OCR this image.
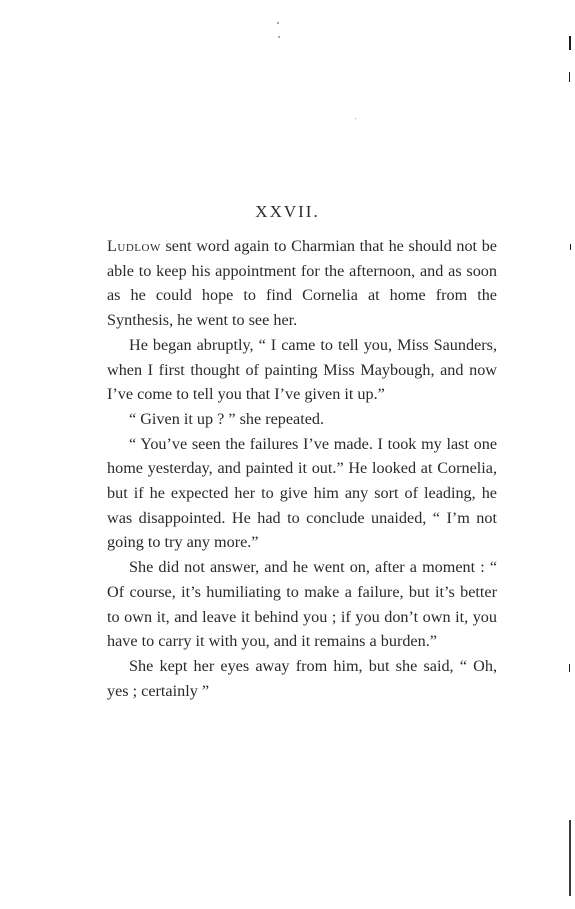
XXVII.

Ludlow sent word again to Charmian that he should not be able to keep his appointment for the afternoon, and as soon as he could hope to find Cornelia at home from the Synthesis, he went to see her.

He began abruptly, “ I came to tell you, Miss Saunders, when I first thought of painting Miss Maybough, and now I’ve come to tell you that I’ve given it up.”

“ Given it up ? ” she repeated.

“ You’ve seen the failures I’ve made. I took my last one home yesterday, and painted it out.” He looked at Cornelia, but if he expected her to give him any sort of leading, he was disappointed. He had to conclude unaided, “ I’m not going to try any more.”

She did not answer, and he went on, after a moment : “ Of course, it’s humiliating to make a failure, but it’s better to own it, and leave it behind you ; if you don’t own it, you have to carry it with you, and it remains a burden.”

She kept her eyes away from him, but she said, “ Oh, yes ; certainly ”
